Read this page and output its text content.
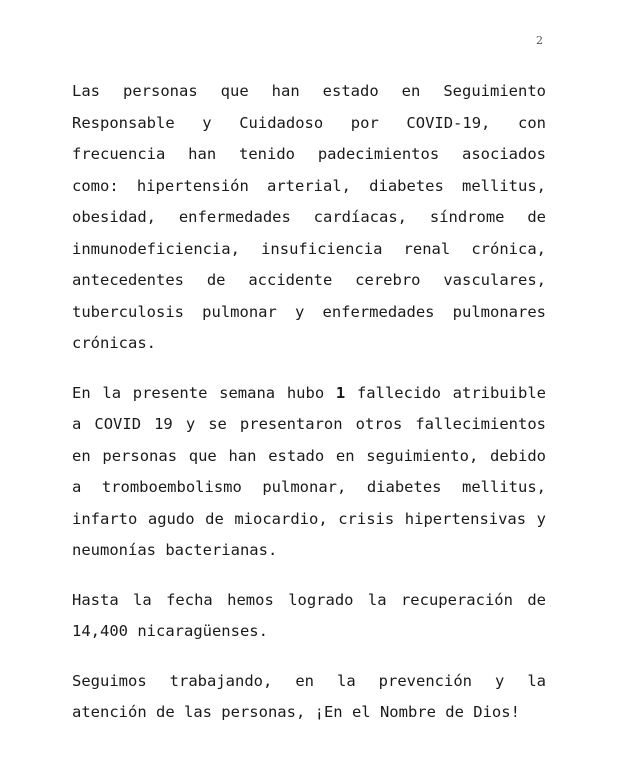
2

Las personas que han estado en Seguimiento Responsable y Cuidadoso por COVID-19, con frecuencia han tenido padecimientos asociados como: hipertensión arterial, diabetes mellitus, obesidad, enfermedades cardíacas, síndrome de inmunodeficiencia, insuficiencia renal crónica, antecedentes de accidente cerebro vasculares, tuberculosis pulmonar y enfermedades pulmonares crónicas.

En la presente semana hubo 1 fallecido atribuible a COVID 19 y se presentaron otros fallecimientos en personas que han estado en seguimiento, debido a tromboembolismo pulmonar, diabetes mellitus, infarto agudo de miocardio, crisis hipertensivas y neumonías bacterianas.

Hasta la fecha hemos logrado la recuperación de 14,400 nicaragüenses.

Seguimos trabajando, en la prevención y la atención de las personas, ¡En el Nombre de Dios!
